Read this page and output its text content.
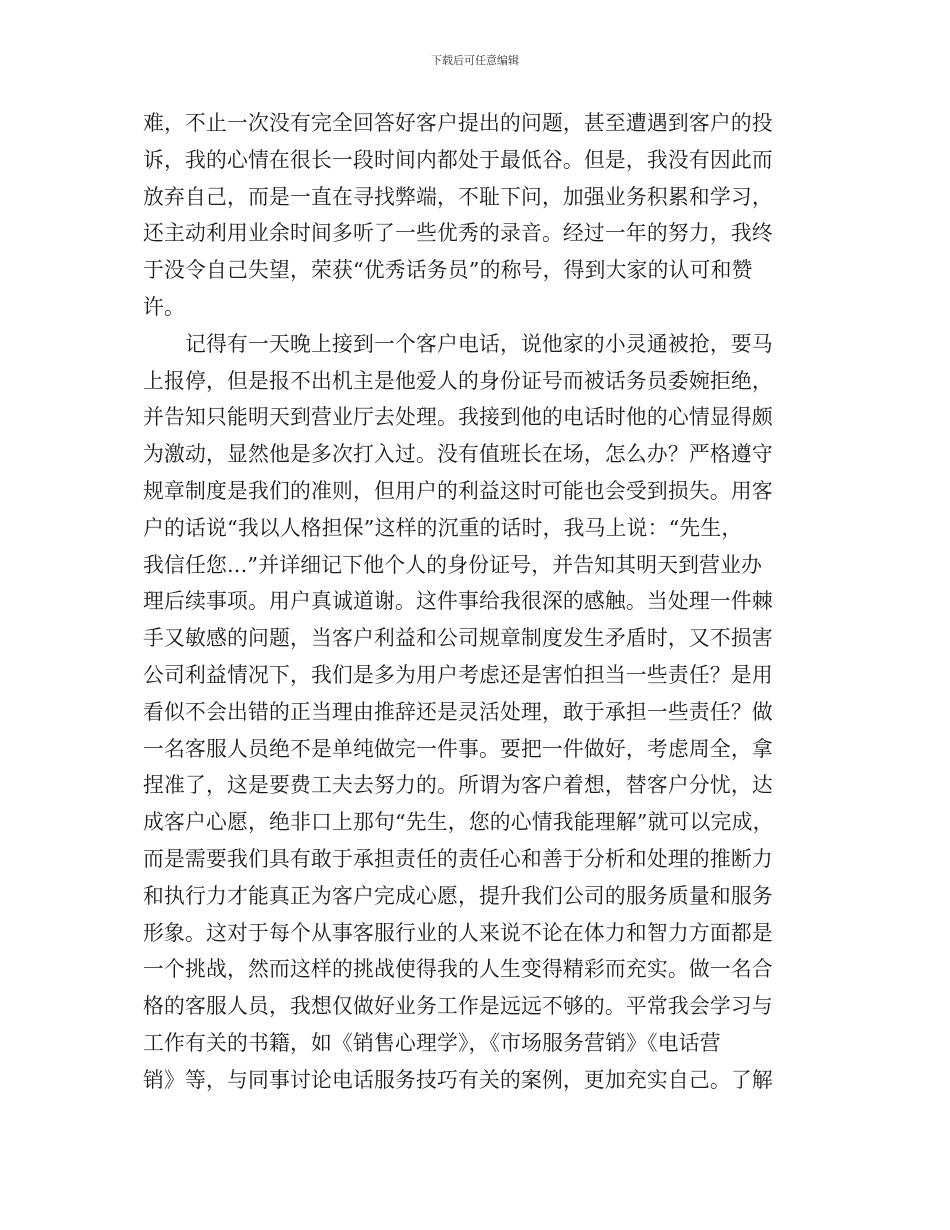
下载后可任意编辑
难，不止一次没有完全回答好客户提出的问题，甚至遭遇到客户的投
诉，我的心情在很长一段时间内都处于最低谷。但是，我没有因此而
放弃自己，而是一直在寻找弊端，不耻下问，加强业务积累和学习，
还主动利用业余时间多听了一些优秀的录音。经过一年的努力，我终
于没令自己失望，荣获“优秀话务员”的称号，得到大家的认可和赞
许。
　　记得有一天晚上接到一个客户电话，说他家的小灵通被抢，要马
上报停，但是报不出机主是他爱人的身份证号而被话务员委婉拒绝，
并告知只能明天到营业厅去处理。我接到他的电话时他的心情显得颇
为激动，显然他是多次打入过。没有值班长在场，怎么办？严格遵守
规章制度是我们的准则，但用户的利益这时可能也会受到损失。用客
户的话说“我以人格担保”这样的沉重的话时，我马上说：“先生，
我信任您...”并详细记下他个人的身份证号，并告知其明天到营业办
理后续事项。用户真诚道谢。这件事给我很深的感触。当处理一件棘
手又敏感的问题，当客户利益和公司规章制度发生矛盾时，又不损害
公司利益情况下，我们是多为用户考虑还是害怕担当一些责任？是用
看似不会出错的正当理由推辞还是灵活处理，敢于承担一些责任？做
一名客服人员绝不是单纯做完一件事。要把一件做好，考虑周全，拿
捏准了，这是要费工夫去努力的。所谓为客户着想，替客户分忧，达
成客户心愿，绝非口上那句“先生，您的心情我能理解”就可以完成，
而是需要我们具有敢于承担责任的责任心和善于分析和处理的推断力
和执行力才能真正为客户完成心愿，提升我们公司的服务质量和服务
形象。这对于每个从事客服行业的人来说不论在体力和智力方面都是
一个挑战，然而这样的挑战使得我的人生变得精彩而充实。做一名合
格的客服人员，我想仅做好业务工作是远远不够的。平常我会学习与
工作有关的书籍，如《销售心理学》，《市场服务营销》《电话营
销》等，与同事讨论电话服务技巧有关的案例，更加充实自己。了解
